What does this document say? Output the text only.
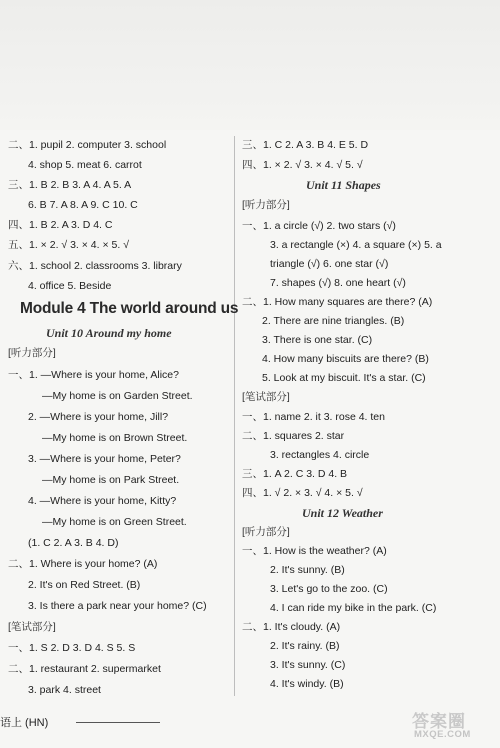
二、1. pupil 2. computer 3. school
4. shop 5. meat 6. carrot
三、1. B 2. B 3. A 4. A 5. A
6. B 7. A 8. A 9. C 10. C
四、1. B 2. A 3. D 4. C
五、1. × 2. √ 3. × 4. × 5. √
六、1. school 2. classrooms 3. library
4. office 5. Beside
Module 4 The world around us
Unit 10 Around my home
[听力部分]
一、1. —Where is your home, Alice?
—My home is on Garden Street.
2. —Where is your home, Jill?
—My home is on Brown Street.
3. —Where is your home, Peter?
—My home is on Park Street.
4. —Where is your home, Kitty?
—My home is on Green Street.
(1. C 2. A 3. B 4. D)
二、1. Where is your home? (A)
2. It's on Red Street. (B)
3. Is there a park near your home? (C)
[笔试部分]
一、1. S 2. D 3. D 4. S 5. S
二、1. restaurant 2. supermarket
3. park 4. street
三、1. C 2. A 3. B 4. E 5. D
四、1. × 2. √ 3. × 4. √ 5. √
Unit 11 Shapes
[听力部分]
一、1. a circle (√) 2. two stars (√)
3. a rectangle (×) 4. a square (×) 5. a
triangle (√) 6. one star (√)
7. shapes (√) 8. one heart (√)
二、1. How many squares are there? (A)
2. There are nine triangles. (B)
3. There is one star. (C)
4. How many biscuits are there? (B)
5. Look at my biscuit. It's a star. (C)
[笔试部分]
一、1. name 2. it 3. rose 4. ten
二、1. squares 2. star
3. rectangles 4. circle
三、1. A 2. C 3. D 4. B
四、1. √ 2. × 3. √ 4. × 5. √
Unit 12 Weather
[听力部分]
一、1. How is the weather? (A)
2. It's sunny. (B)
3. Let's go to the zoo. (C)
4. I can ride my bike in the park. (C)
二、1. It's cloudy. (A)
2. It's rainy. (B)
3. It's sunny. (C)
4. It's windy. (B)
语上 (HN)	答案圈
MXQE.COM
